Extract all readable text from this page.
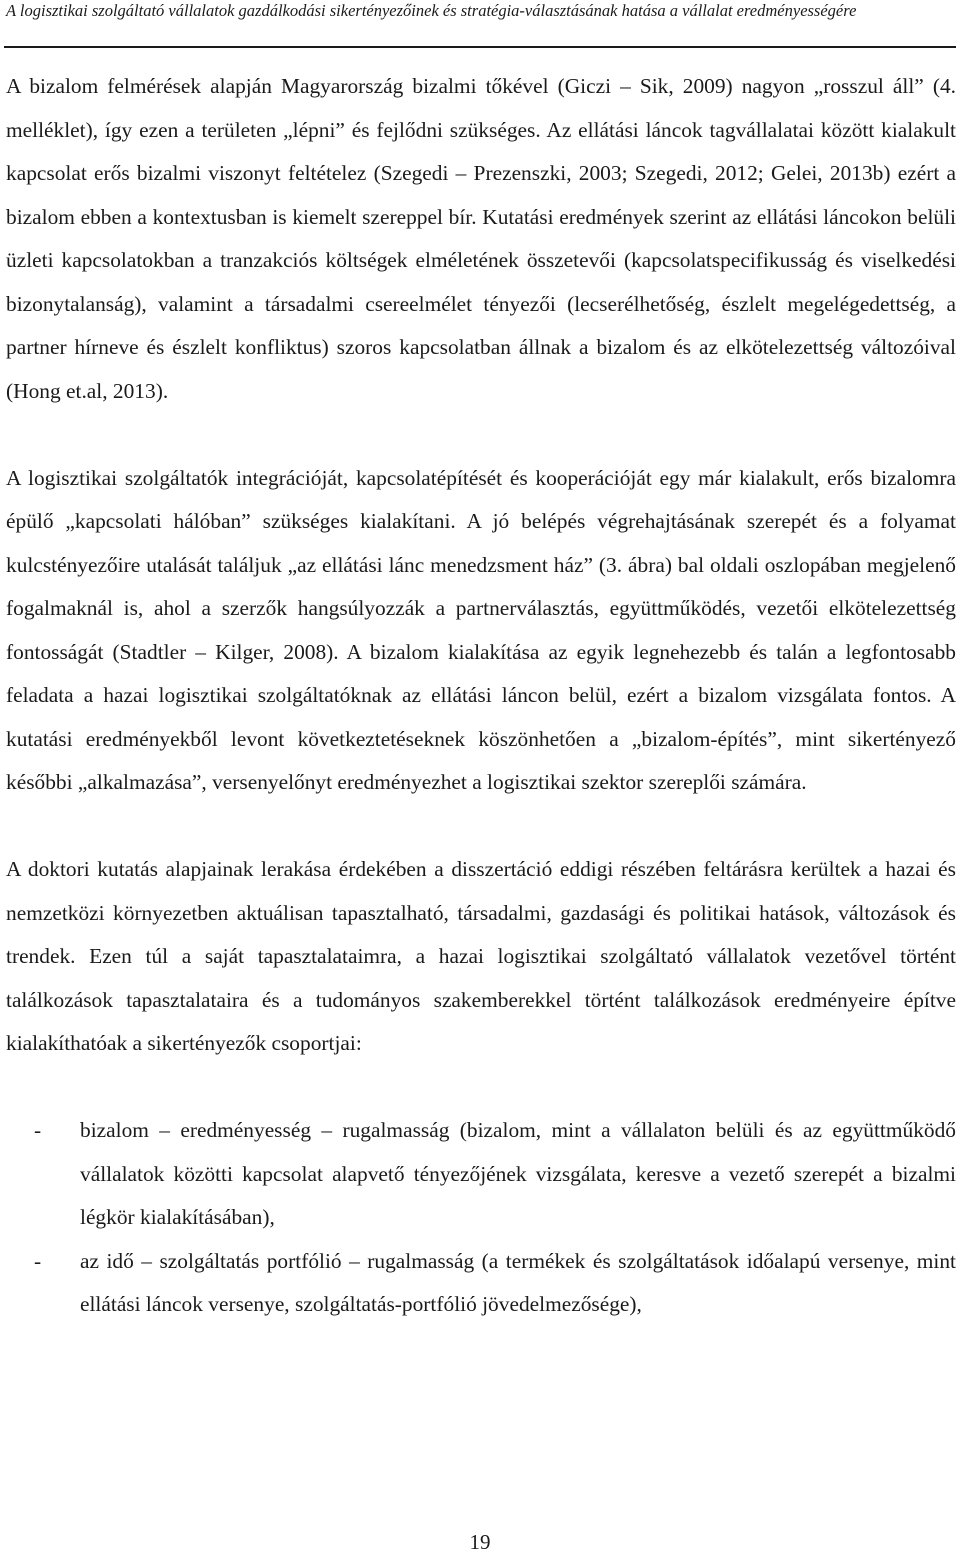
A logisztikai szolgáltató vállalatok gazdálkodási sikertényezőinek és stratégia-választásának hatása a vállalat eredményességére

A bizalom felmérések alapján Magyarország bizalmi tőkével (Giczi – Sik, 2009) nagyon „rosszul áll” (4. melléklet), így ezen a területen „lépni” és fejlődni szükséges. Az ellátási láncok tagvállalatai között kialakult kapcsolat erős bizalmi viszonyt feltételez (Szegedi – Prezenszki, 2003; Szegedi, 2012; Gelei, 2013b) ezért a bizalom ebben a kontextusban is kiemelt szereppel bír. Kutatási eredmények szerint az ellátási láncokon belüli üzleti kapcsolatokban a tranzakciós költségek elméletének összetevői (kapcsolatspecifikusság és viselkedési bizonytalanság), valamint a társadalmi csereelmélet tényezői (lecserélhetőség, észlelt megelégedettség, a partner hírneve és észlelt konfliktus) szoros kapcsolatban állnak a bizalom és az elkötelezettség változóival (Hong et.al, 2013).

A logisztikai szolgáltatók integrációját, kapcsolatépítését és kooperációját egy már kialakult, erős bizalomra épülő „kapcsolati hálóban” szükséges kialakítani. A jó belépés végrehajtásának szerepét és a folyamat kulcstényezőire utalását találjuk „az ellátási lánc menedzsment ház” (3. ábra) bal oldali oszlopában megjelenő fogalmaknál is, ahol a szerzők hangsúlyozzák a partnerválasztás, együttműködés, vezetői elkötelezettség fontosságát (Stadtler – Kilger, 2008). A bizalom kialakítása az egyik legnehezebb és talán a legfontosabb feladata a hazai logisztikai szolgáltatóknak az ellátási láncon belül, ezért a bizalom vizsgálata fontos. A kutatási eredményekből levont következtetéseknek köszönhetően a „bizalom-építés”, mint sikertényező későbbi „alkalmazása”, versenyelőnyt eredményezhet a logisztikai szektor szereplői számára.

A doktori kutatás alapjainak lerakása érdekében a disszertáció eddigi részében feltárásra kerültek a hazai és nemzetközi környezetben aktuálisan tapasztalható, társadalmi, gazdasági és politikai hatások, változások és trendek. Ezen túl a saját tapasztalataimra, a hazai logisztikai szolgáltató vállalatok vezetővel történt találkozások tapasztalataira és a tudományos szakemberekkel történt találkozások eredményeire építve kialakíthatóak a sikertényezők csoportjai:

- bizalom – eredményesség – rugalmasság (bizalom, mint a vállalaton belüli és az együttműködő vállalatok közötti kapcsolat alapvető tényezőjének vizsgálata, keresve a vezető szerepét a bizalmi légkör kialakításában),
- az idő – szolgáltatás portfólió – rugalmasság (a termékek és szolgáltatások időalapú versenye, mint ellátási láncok versenye, szolgáltatás-portfólió jövedelmezősége),
19
